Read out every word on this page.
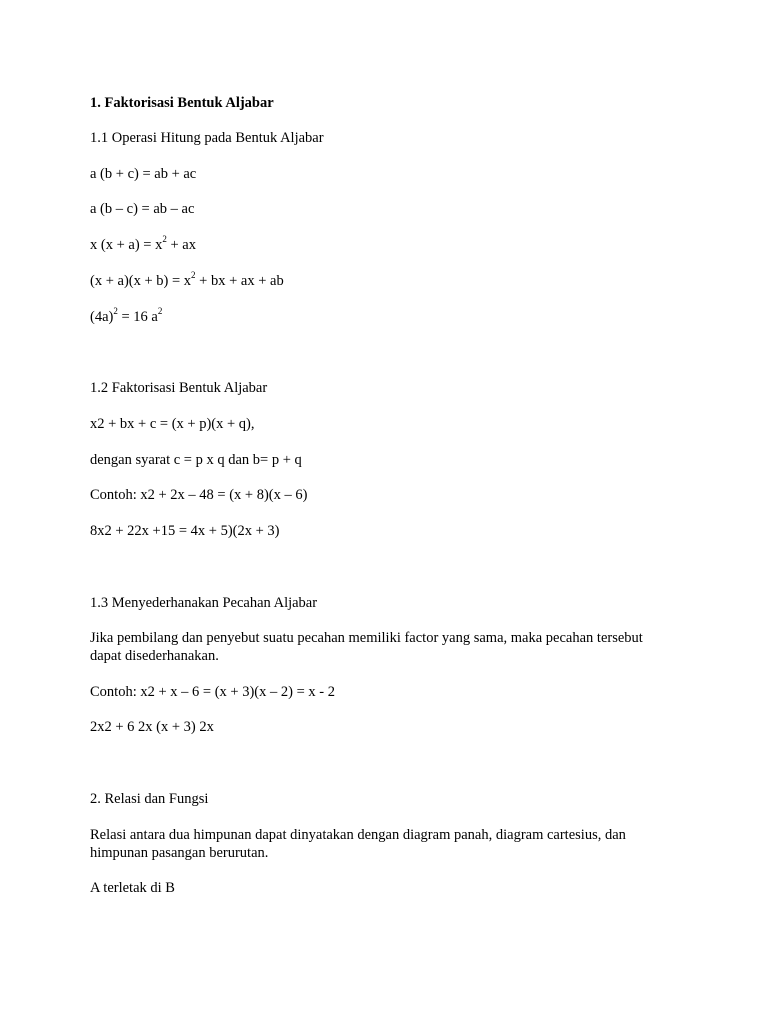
1. Faktorisasi Bentuk Aljabar
1.1 Operasi Hitung pada Bentuk Aljabar
a (b + c) = ab + ac
a (b – c) = ab – ac
x $(x + a) = x^2$ + ax
$(x + a)(x + b) = x^2$ + bx + ax + ab
$(4a)^2 = 16$ $a^2$
1.2 Faktorisasi Bentuk Aljabar
x2 + bx + c = (x + p)(x + q),
dengan syarat c = p x q dan b= p + q
Contoh: x2 + 2x – 48 = (x + 8)(x – 6)
8x2 + 22x +15 = 4x + 5)(2x + 3)
1.3 Menyederhanakan Pecahan Aljabar
Jika pembilang dan penyebut suatu pecahan memiliki factor yang sama, maka pecahan tersebut dapat disederhanakan.
Contoh: x2 + x – 6 = (x + 3)(x – 2) = x - 2
2x2 + 6 2x (x + 3) 2x
2. Relasi dan Fungsi
Relasi antara dua himpunan dapat dinyatakan dengan diagram panah, diagram cartesius, dan himpunan pasangan berurutan.
A terletak di B
